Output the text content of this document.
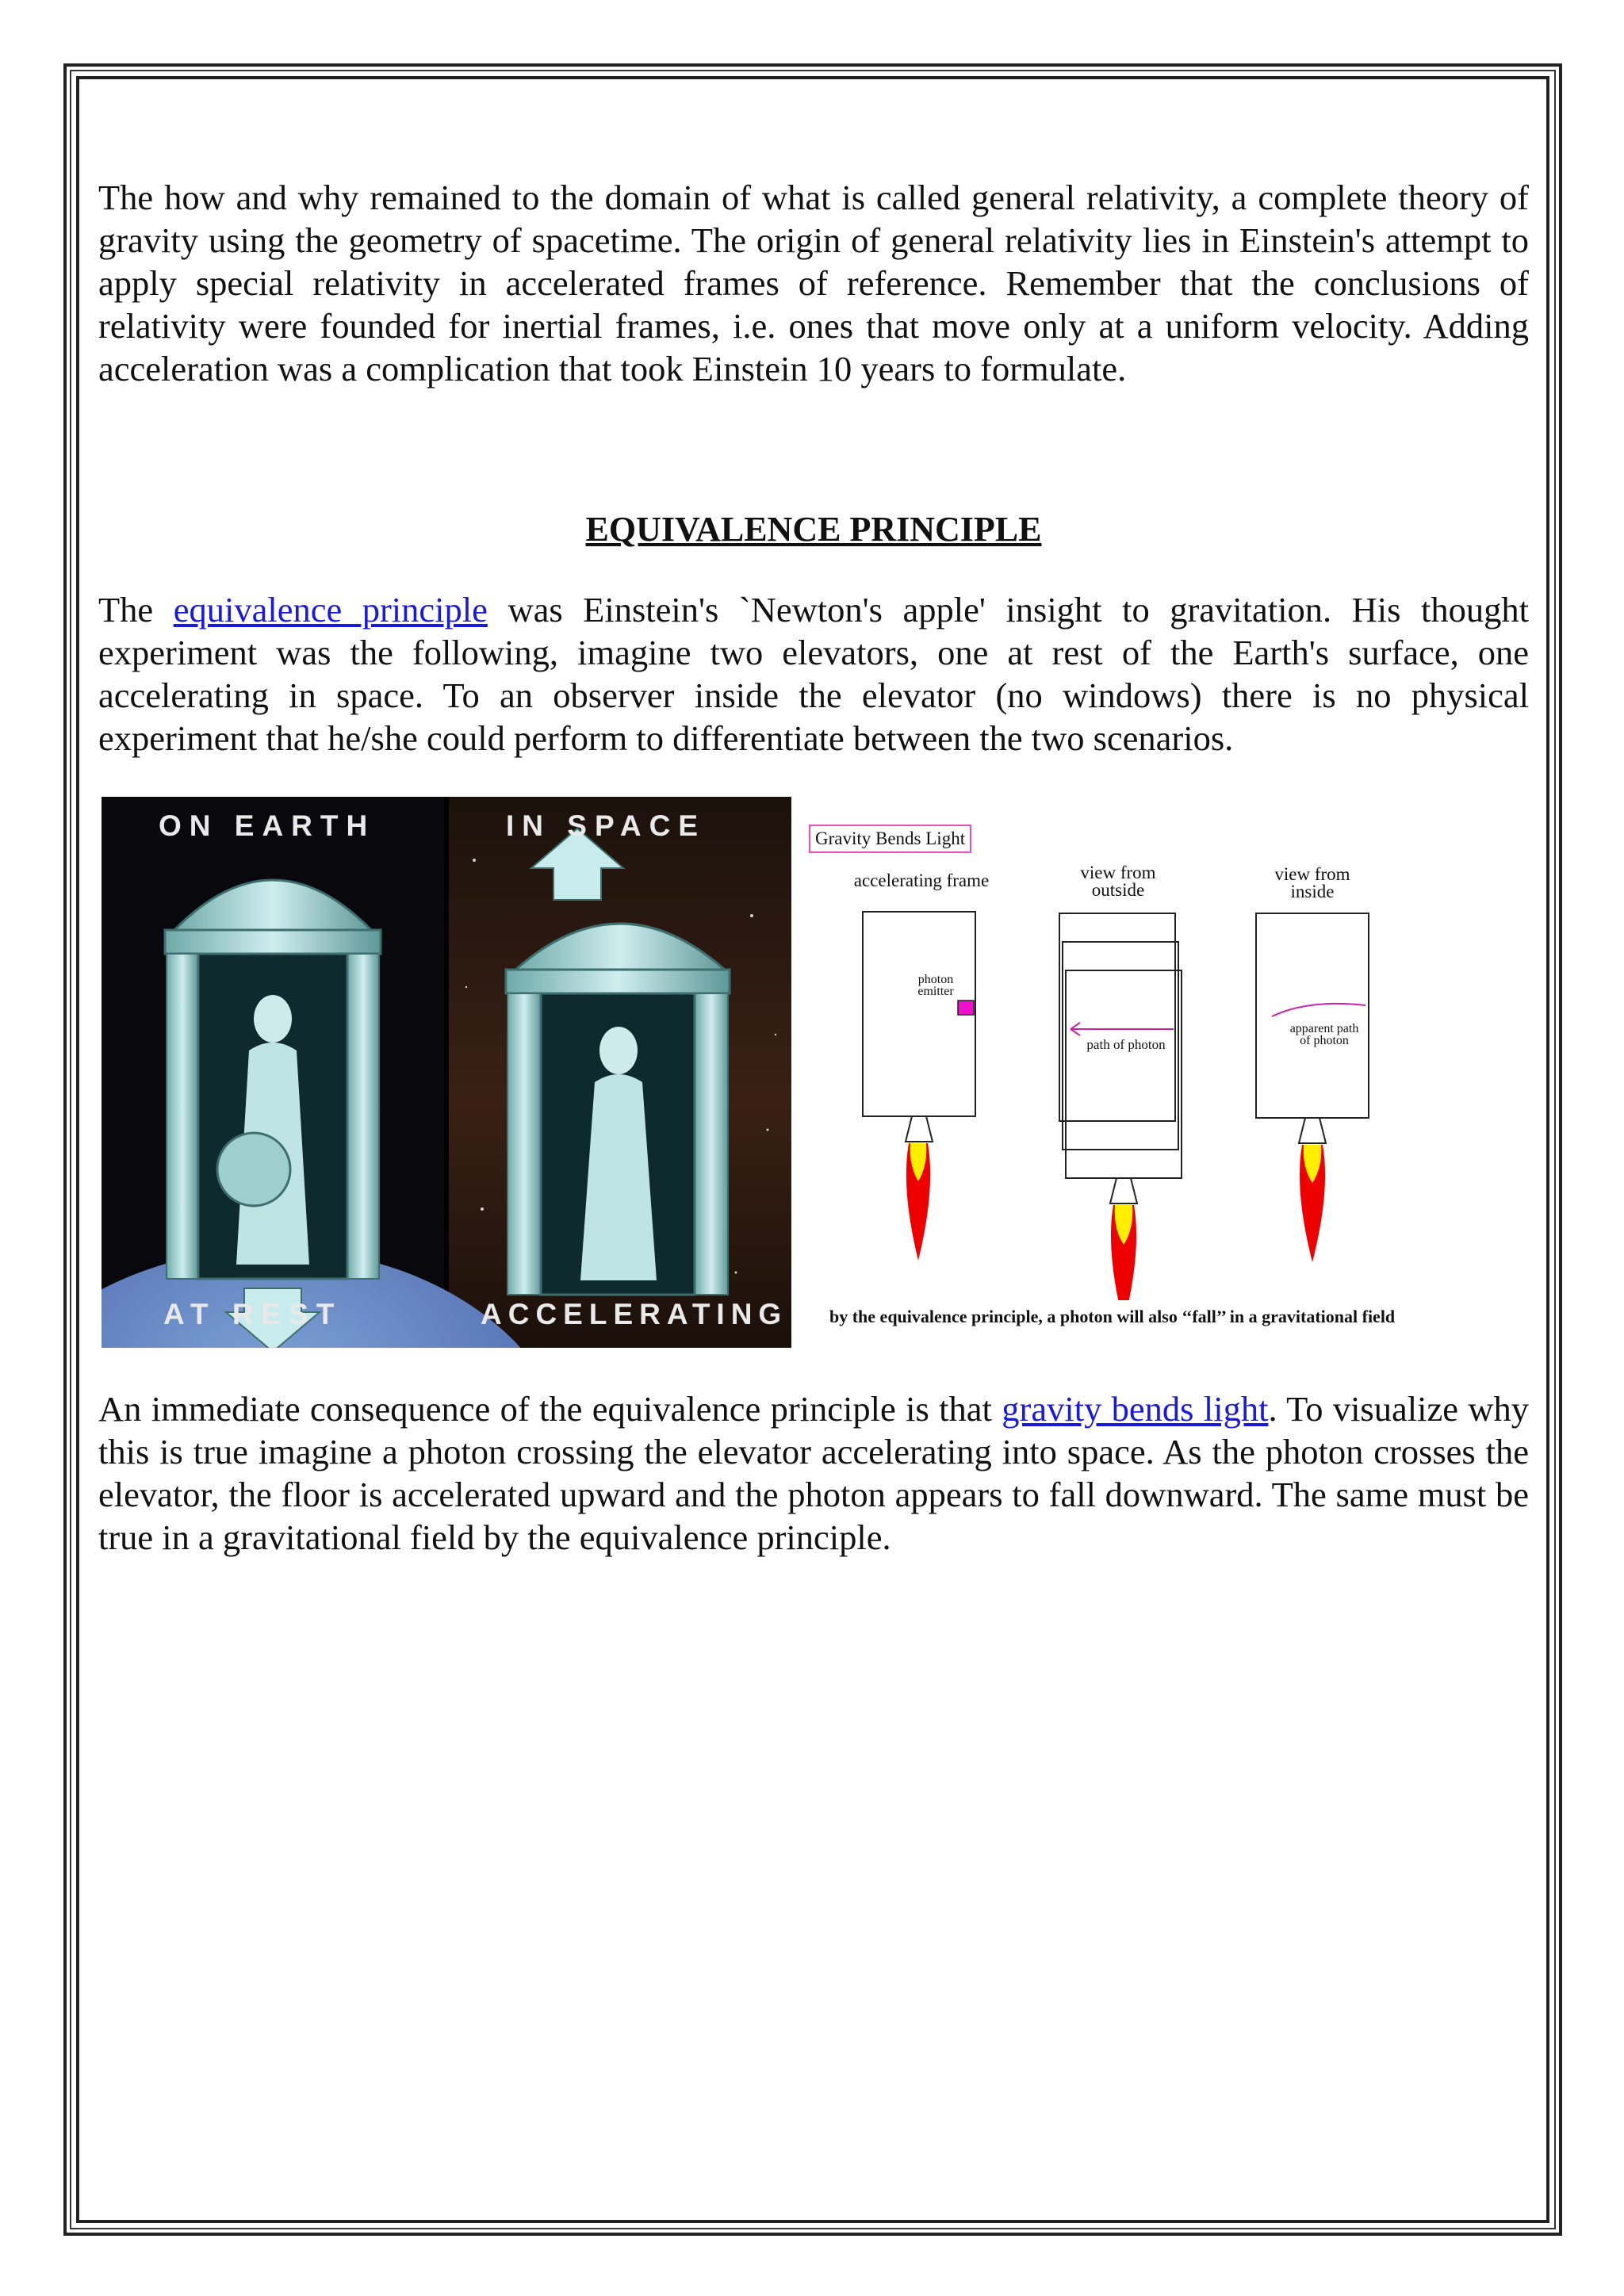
The how and why remained to the domain of what is called general relativity, a complete theory of gravity using the geometry of spacetime. The origin of general relativity lies in Einstein's attempt to apply special relativity in accelerated frames of reference. Remember that the conclusions of relativity were founded for inertial frames, i.e. ones that move only at a uniform velocity. Adding acceleration was a complication that took Einstein 10 years to formulate.

EQUIVALENCE PRINCIPLE

The equivalence principle was Einstein's `Newton's apple' insight to gravitation. His thought experiment was the following, imagine two elevators, one at rest of the Earth's surface, one accelerating in space. To an observer inside the elevator (no windows) there is no physical experiment that he/she could perform to differentiate between the two scenarios.

An immediate consequence of the equivalence principle is that gravity bends light. To visualize why this is true imagine a photon crossing the elevator accelerating into space. As the photon crosses the elevator, the floor is accelerated upward and the photon appears to fall downward. The same must be true in a gravitational field by the equivalence principle.

ON EARTH	IN SPACE
AT REST	ACCELERATING
Gravity Bends Light
accelerating frame	view from
outside
view from
inside
photon
emitter
path of photon
apparent path
of photon
by the equivalence principle, a photon will also ‘‘fall’’ in a gravitational field
